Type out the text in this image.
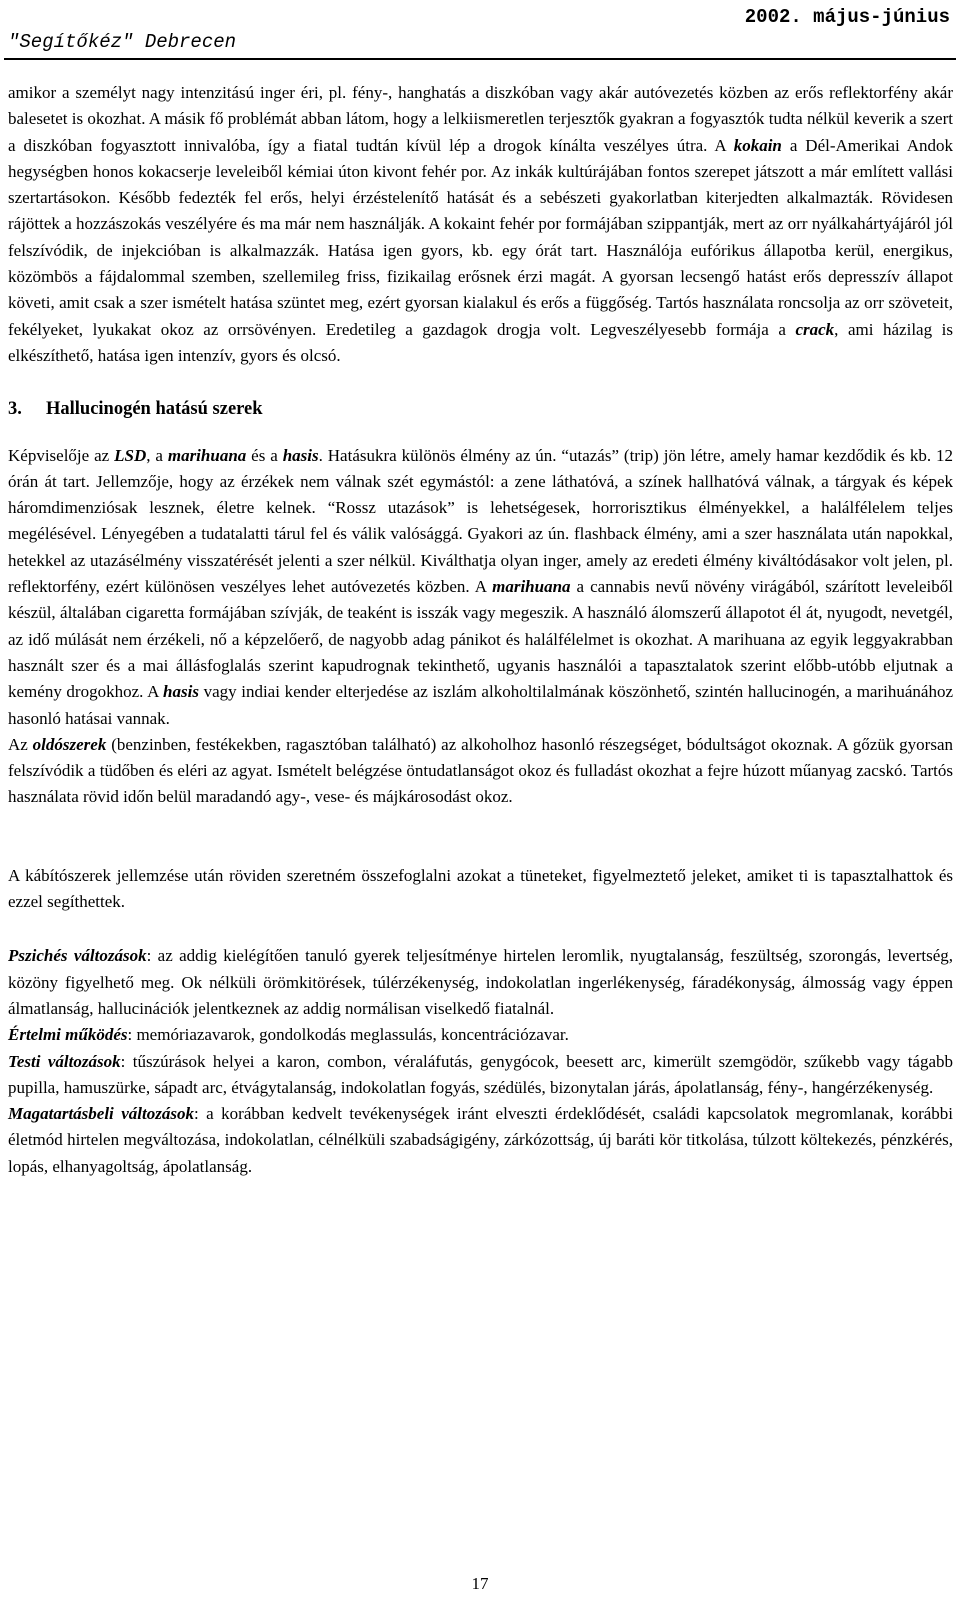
"Segítőkéz" Debrecen
2002. május-június

amikor a személyt nagy intenzitású inger éri, pl. fény-, hanghatás a diszkóban vagy akár autóvezetés közben az erős reflektorfény akár balesetet is okozhat. A másik fő problémát abban látom, hogy a lelkiismeretlen terjesztők gyakran a fogyasztók tudta nélkül keverik a szert a diszkóban fogyasztott innivalóba, így a fiatal tudtán kívül lép a drogok kínálta veszélyes útra. A kokain a Dél-Amerikai Andok hegységben honos kokacserje leveleiből kémiai úton kivont fehér por. Az inkák kultúrájában fontos szerepet játszott a már említett vallási szertartásokon. Később fedezték fel erős, helyi érzéstelenítő hatását és a sebészeti gyakorlatban kiterjedten alkalmazták. Rövidesen rájöttek a hozzászokás veszélyére és ma már nem használják. A kokaint fehér por formájában szippantják, mert az orr nyálkahártyájáról jól felszívódik, de injekcióban is alkalmazzák. Hatása igen gyors, kb. egy órát tart. Használója eufórikus állapotba kerül, energikus, közömbös a fájdalommal szemben, szellemileg friss, fizikailag erősnek érzi magát. A gyorsan lecsengő hatást erős depresszív állapot követi, amit csak a szer ismételt hatása szüntet meg, ezért gyorsan kialakul és erős a függőség. Tartós használata roncsolja az orr szöveteit, fekélyeket, lyukakat okoz az orrsövényen. Eredetileg a gazdagok drogja volt. Legveszélyesebb formája a crack, ami házilag is elkészíthető, hatása igen intenzív, gyors és olcsó.

3. Hallucinogén hatású szerek

Képviselője az LSD, a marihuana és a hasis. Hatásukra különös élmény az ún. “utazás” (trip) jön létre, amely hamar kezdődik és kb. 12 órán át tart. Jellemzője, hogy az érzékek nem válnak szét egymástól: a zene láthatóvá, a színek hallhatóvá válnak, a tárgyak és képek háromdimenziósak lesznek, életre kelnek. “Rossz utazások” is lehetségesek, horrorisztikus élményekkel, a halálfélelem teljes megélésével. Lényegében a tudatalatti tárul fel és válik valósággá. Gyakori az ún. flashback élmény, ami a szer használata után napokkal, hetekkel az utazásélmény visszatérését jelenti a szer nélkül. Kiválthatja olyan inger, amely az eredeti élmény kiváltódásakor volt jelen, pl. reflektorfény, ezért különösen veszélyes lehet autóvezetés közben. A marihuana a cannabis nevű növény virágából, szárított leveleiből készül, általában cigaretta formájában szívják, de teaként is isszák vagy megeszik. A használó álomszerű állapotot él át, nyugodt, nevetgél, az idő múlását nem érzékeli, nő a képzelőerő, de nagyobb adag pánikot és halálfélelmet is okozhat. A marihuana az egyik leggyakrabban használt szer és a mai állásfoglalás szerint kapudrognak tekinthető, ugyanis használói a tapasztalatok szerint előbb-utóbb eljutnak a kemény drogokhoz. A hasis vagy indiai kender elterjedése az iszlám alkoholtilalmának köszönhető, szintén hallucinogén, a marihuánához hasonló hatásai vannak.

Az oldószerek (benzinben, festékekben, ragasztóban található) az alkoholhoz hasonló részegséget, bódultságot okoznak. A gőzük gyorsan felszívódik a tüdőben és eléri az agyat. Ismételt belégzése öntudatlanságot okoz és fulladást okozhat a fejre húzott műanyag zacskó. Tartós használata rövid időn belül maradandó agy-, vese- és májkárosodást okoz.

A kábítószerek jellemzése után röviden szeretném összefoglalni azokat a tüneteket, figyelmeztető jeleket, amiket ti is tapasztalhattok és ezzel segíthettek.

Pszichés változások: az addig kielégítően tanuló gyerek teljesítménye hirtelen leromlik, nyugtalanság, feszültség, szorongás, levertség, közöny figyelhető meg. Ok nélküli örömkitörések, túlérzékenység, indokolatlan ingerlékenység, fáradékonyság, álmosság vagy éppen álmatlanság, hallucinációk jelentkeznek az addig normálisan viselkedő fiatalnál.

Értelmi működés: memóriazavarok, gondolkodás meglassulás, koncentrációzavar.

Testi változások: tűszúrások helyei a karon, combon, véraláfutás, genygócok, beesett arc, kimerült szemgödör, szűkebb vagy tágabb pupilla, hamuszürke, sápadt arc, étvágytalanság, indokolatlan fogyás, szédülés, bizonytalan járás, ápolatlanság, fény-, hangérzékenység.

Magatartásbeli változások: a korábban kedvelt tevékenységek iránt elveszti érdeklődését, családi kapcsolatok megromlanak, korábbi életmód hirtelen megváltozása, indokolatlan, célnélküli szabadságigény, zárkózottság, új baráti kör titkolása, túlzott költekezés, pénzkérés, lopás, elhanyagoltság, ápolatlanság.

17
